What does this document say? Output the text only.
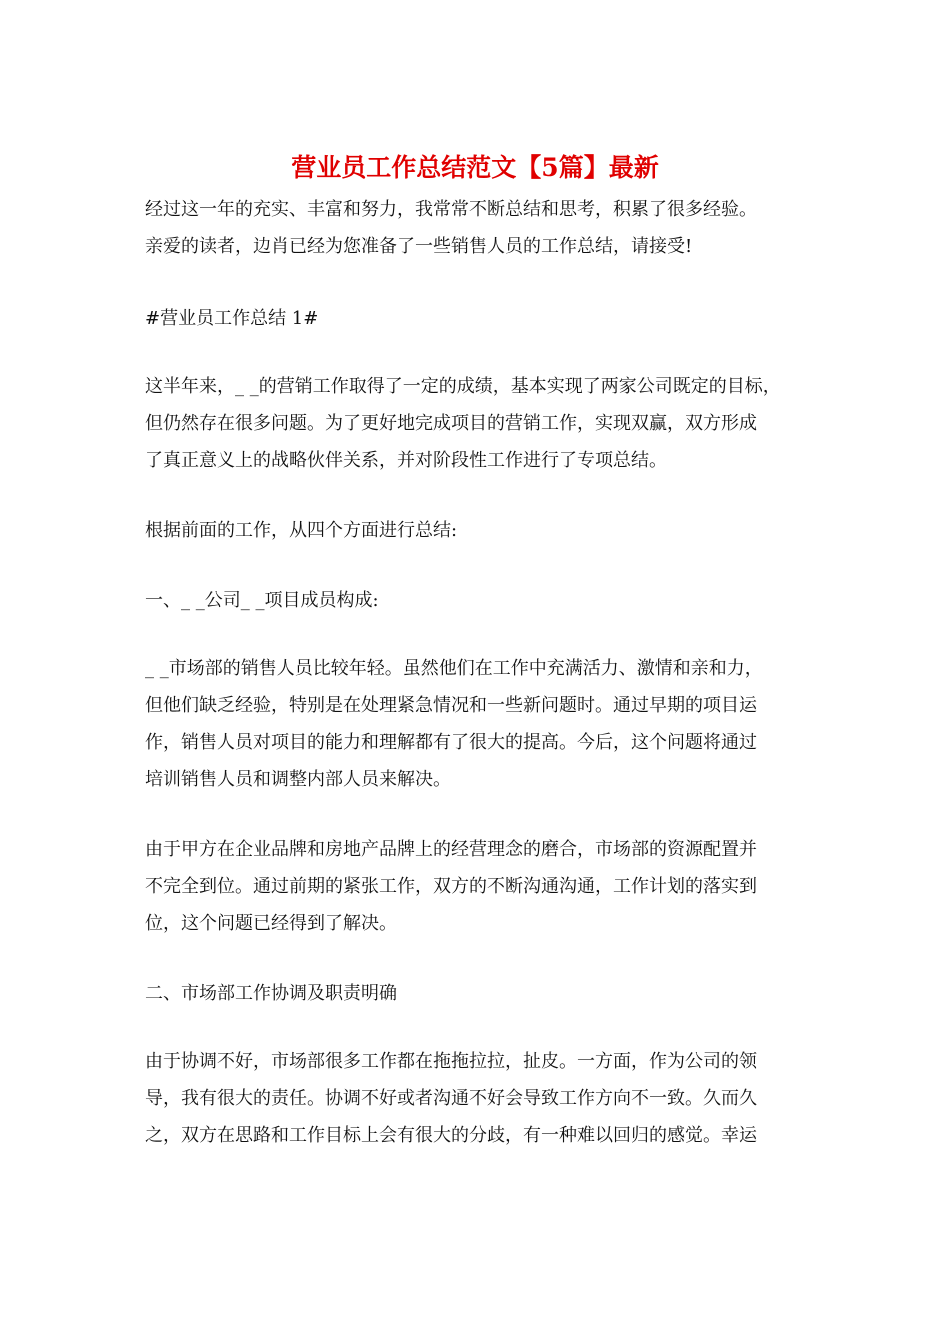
营业员工作总结范文【5篇】最新

经过这一年的充实、丰富和努力，我常常不断总结和思考，积累了很多经验。

亲爱的读者，边肖已经为您准备了一些销售人员的工作总结，请接受!

#营业员工作总结 1#

这半年来，_ _的营销工作取得了一定的成绩，基本实现了两家公司既定的目标，

但仍然存在很多问题。为了更好地完成项目的营销工作，实现双赢，双方形成

了真正意义上的战略伙伴关系，并对阶段性工作进行了专项总结。

根据前面的工作，从四个方面进行总结:

一、_ _公司_ _项目成员构成:

_ _市场部的销售人员比较年轻。虽然他们在工作中充满活力、激情和亲和力，

但他们缺乏经验，特别是在处理紧急情况和一些新问题时。通过早期的项目运

作，销售人员对项目的能力和理解都有了很大的提高。今后，这个问题将通过

培训销售人员和调整内部人员来解决。

由于甲方在企业品牌和房地产品牌上的经营理念的磨合，市场部的资源配置并

不完全到位。通过前期的紧张工作，双方的不断沟通沟通，工作计划的落实到

位，这个问题已经得到了解决。

二、市场部工作协调及职责明确

由于协调不好，市场部很多工作都在拖拖拉拉，扯皮。一方面，作为公司的领

导，我有很大的责任。协调不好或者沟通不好会导致工作方向不一致。久而久

之，双方在思路和工作目标上会有很大的分歧，有一种难以回归的感觉。幸运
